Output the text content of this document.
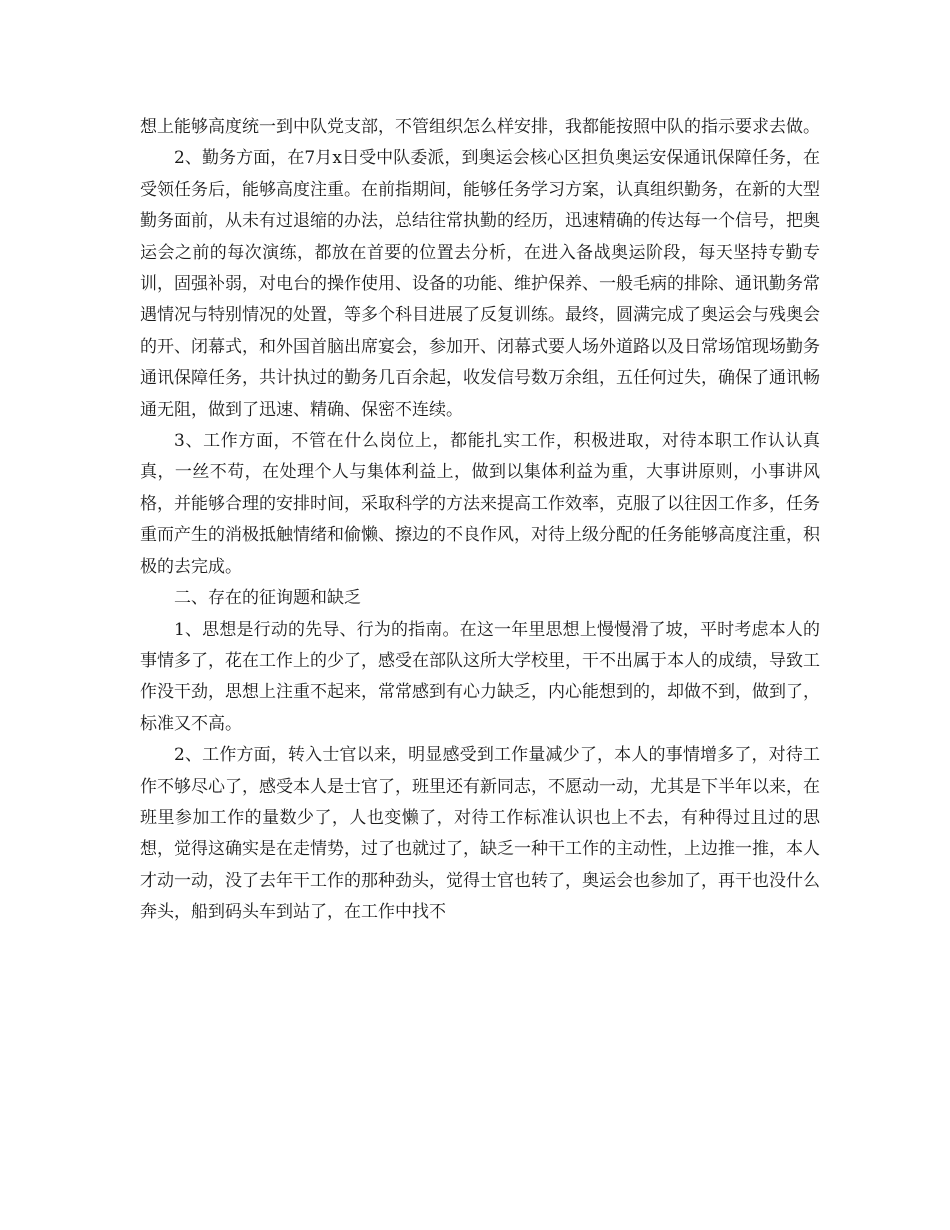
想上能够高度统一到中队党支部，不管组织怎么样安排，我都能按照中队的指示要求去做。

2、勤务方面，在7月x日受中队委派，到奥运会核心区担负奥运安保通讯保障任务，在受领任务后，能够高度注重。在前指期间，能够任务学习方案，认真组织勤务，在新的大型勤务面前，从未有过退缩的办法，总结往常执勤的经历，迅速精确的传达每一个信号，把奥运会之前的每次演练，都放在首要的位置去分析，在进入备战奥运阶段，每天坚持专勤专训，固强补弱，对电台的操作使用、设备的功能、维护保养、一般毛病的排除、通讯勤务常遇情况与特别情况的处置，等多个科目进展了反复训练。最终，圆满完成了奥运会与残奥会的开、闭幕式，和外国首脑出席宴会，参加开、闭幕式要人场外道路以及日常场馆现场勤务通讯保障任务，共计执过的勤务几百余起，收发信号数万余组，五任何过失，确保了通讯畅通无阻，做到了迅速、精确、保密不连续。

3、工作方面，不管在什么岗位上，都能扎实工作，积极进取，对待本职工作认认真真，一丝不苟，在处理个人与集体利益上，做到以集体利益为重，大事讲原则，小事讲风格，并能够合理的安排时间，采取科学的方法来提高工作效率，克服了以往因工作多，任务重而产生的消极抵触情绪和偷懒、擦边的不良作风，对待上级分配的任务能够高度注重，积极的去完成。

二、存在的征询题和缺乏

1、思想是行动的先导、行为的指南。在这一年里思想上慢慢滑了坡，平时考虑本人的事情多了，花在工作上的少了，感受在部队这所大学校里，干不出属于本人的成绩，导致工作没干劲，思想上注重不起来，常常感到有心力缺乏，内心能想到的，却做不到，做到了，标准又不高。

2、工作方面，转入士官以来，明显感受到工作量减少了，本人的事情增多了，对待工作不够尽心了，感受本人是士官了，班里还有新同志，不愿动一动，尤其是下半年以来，在班里参加工作的量数少了，人也变懒了，对待工作标准认识也上不去，有种得过且过的思想，觉得这确实是在走情势，过了也就过了，缺乏一种干工作的主动性，上边推一推，本人才动一动，没了去年干工作的那种劲头，觉得士官也转了，奥运会也参加了，再干也没什么奔头，船到码头车到站了，在工作中找不
